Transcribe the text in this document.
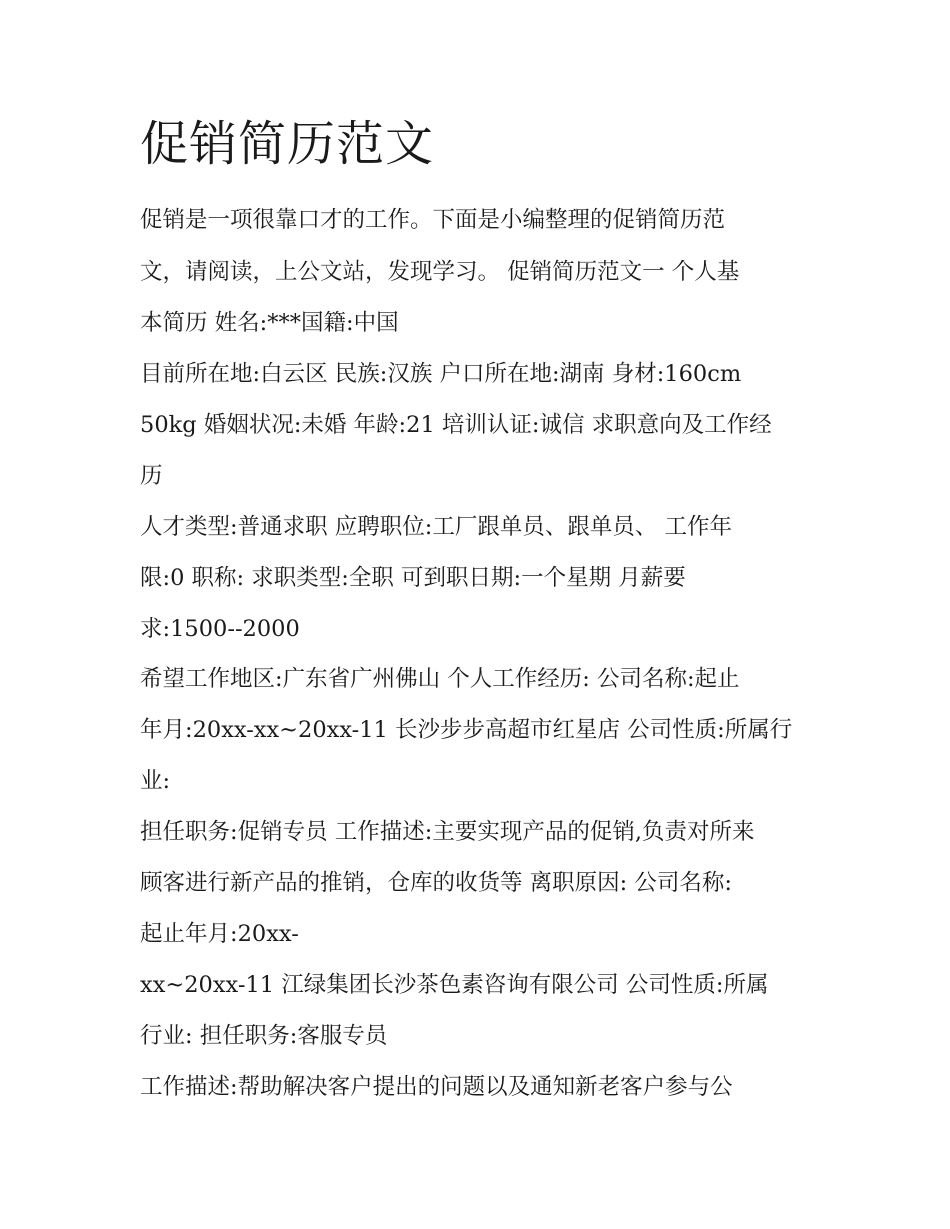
促销简历范文

促销是一项很靠口才的工作。下面是小编整理的促销简历范

文，请阅读，上公文站，发现学习。 促销简历范文一 个人基

本简历 姓名:***国籍:中国

目前所在地:白云区 民族:汉族 户口所在地:湖南 身材:160cm

50kg 婚姻状况:未婚 年龄:21 培训认证:诚信 求职意向及工作经

历

人才类型:普通求职 应聘职位:工厂跟单员、跟单员、 工作年

限:0 职称: 求职类型:全职 可到职日期:一个星期 月薪要

求:1500--2000

希望工作地区:广东省广州佛山 个人工作经历: 公司名称:起止

年月:20xx-xx~20xx-11 长沙步步高超市红星店 公司性质:所属行

业:

担任职务:促销专员 工作描述:主要实现产品的促销,负责对所来

顾客进行新产品的推销，仓库的收货等 离职原因: 公司名称:

起止年月:20xx-

xx~20xx-11 江绿集团长沙茶色素咨询有限公司 公司性质:所属

行业: 担任职务:客服专员

工作描述:帮助解决客户提出的问题以及通知新老客户参与公
